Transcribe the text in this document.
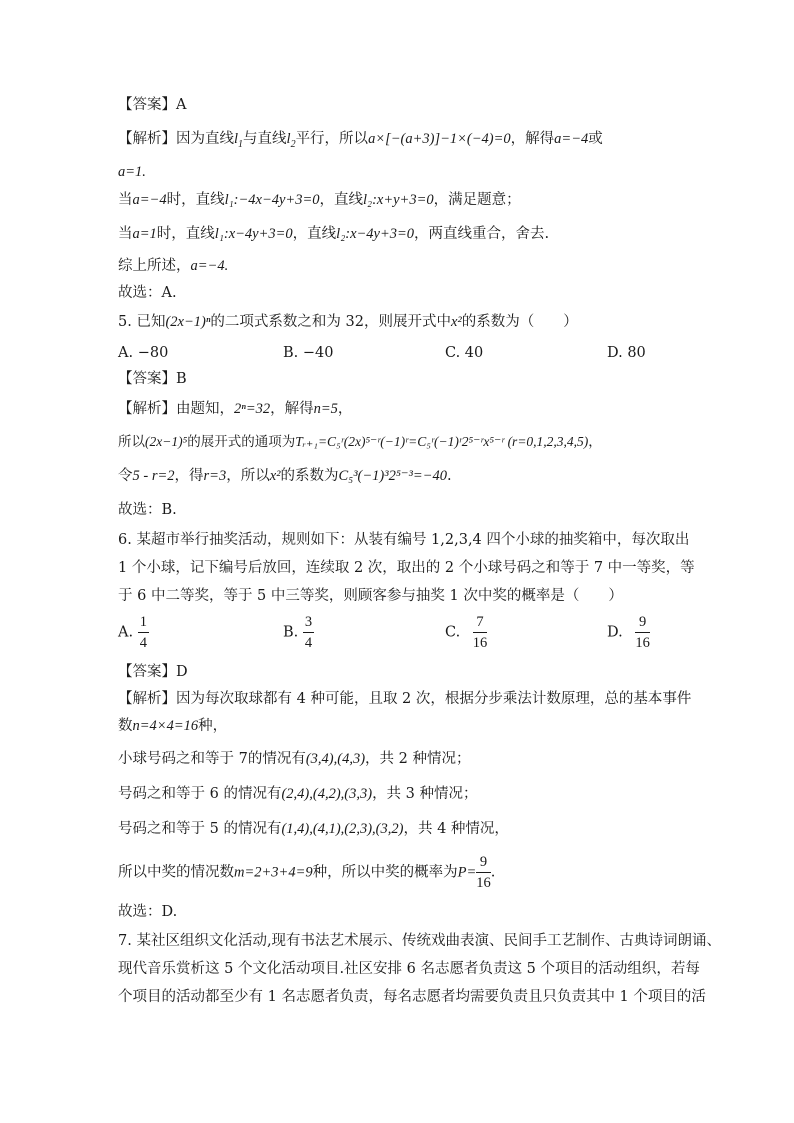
【答案】A
【解析】因为直线$l_1$与直线$l_2$平行，所以a×[−(a+3)]−1×(−4)=0，解得a=−4或
a=1.
当a=−4时，直线l₁:−4x−4y+3=0，直线l₂:x+y+3=0，满足题意；
当a=1时，直线l₁:x−4y+3=0，直线l₂:x−4y+3=0，两直线重合，舍去.
综上所述，a=−4.
故选：A.
5. 已知(2x−1)ⁿ的二项式系数之和为 32，则展开式中x²的系数为（　　）
A. −80	B. −40	C. 40	D. 80
【答案】B
【解析】由题知，2ⁿ=32，解得n=5，
所以(2x−1)⁵的展开式的通项为Tᵣ₊₁=C₅ʳ(2x)⁵⁻ʳ(−1)ʳ=C₅ʳ(−1)ʳ2⁵⁻ʳx⁵⁻ʳ (r=0,1,2,3,4,5)，
令5 - r=2，得r=3，所以x²的系数为C₅³(−1)³2⁵⁻³=−40.
故选：B.
6. 某超市举行抽奖活动，规则如下：从装有编号 1,2,3,4 四个小球的抽奖箱中，每次取出
1 个小球，记下编号后放回，连续取 2 次，取出的 2 个小球号码之和等于 7 中一等奖，等
于 6 中二等奖，等于 5 中三等奖，则顾客参与抽奖 1 次中奖的概率是（　　）
A. $\frac{1}{4}$	B. $\frac{3}{4}$	C. $\frac{7}{16}$	D. $\frac{9}{16}$
【答案】D
【解析】因为每次取球都有 4 种可能，且取 2 次，根据分步乘法计数原理，总的基本事件
数n=4×4=16种，
小球号码之和等于 7的情况有(3,4),(4,3)，共 2 种情况；
号码之和等于 6 的情况有(2,4),(4,2),(3,3)，共 3 种情况；
号码之和等于 5 的情况有(1,4),(4,1),(2,3),(3,2)，共 4 种情况，
所以中奖的情况数m=2+3+4=9种，所以中奖的概率为$P= \frac{9}{16}$ .
故选：D.
7. 某社区组织文化活动,现有书法艺术展示、传统戏曲表演、民间手工艺制作、古典诗词朗诵、
现代音乐赏析这 5 个文化活动项目.社区安排 6 名志愿者负责这 5 个项目的活动组织，若每
个项目的活动都至少有 1 名志愿者负责，每名志愿者均需要负责且只负责其中 1 个项目的活
